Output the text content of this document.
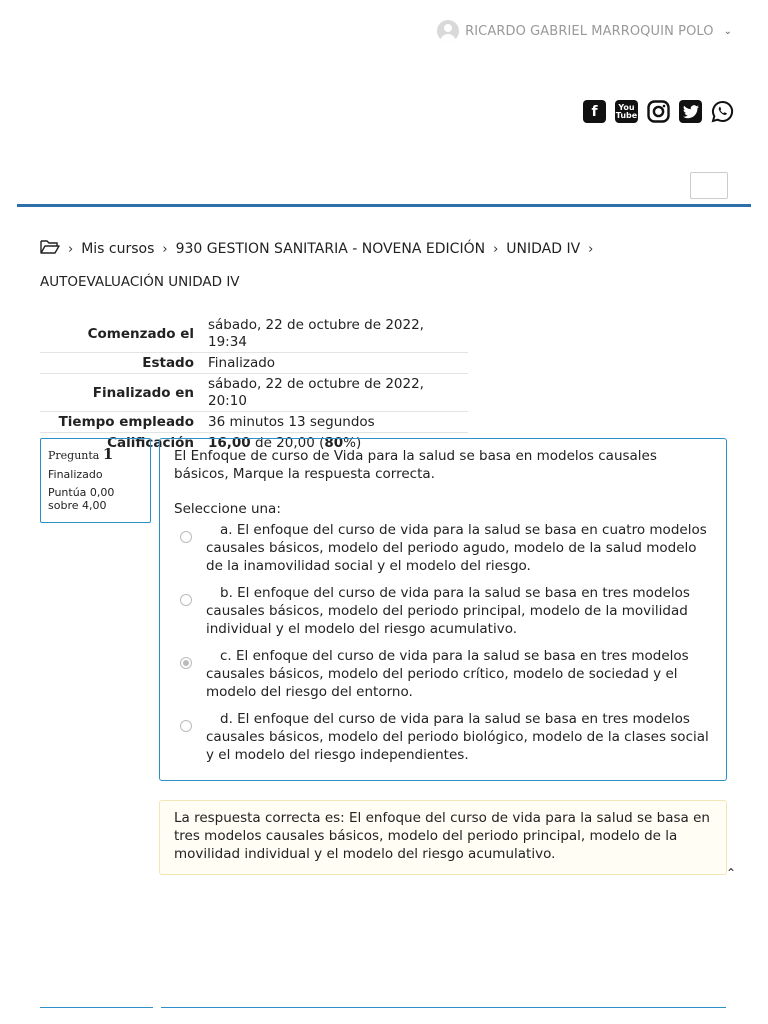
RICARDO GABRIEL MARROQUIN POLO ⌄
f	You
Tube
› Mis cursos › 930 GESTION SANITARIA - NOVENA EDICIÓN › UNIDAD IV ›
AUTOEVALUACIÓN UNIDAD IV
Comenzado el	sábado, 22 de octubre de 2022, 19:34
Estado	Finalizado
Finalizado en	sábado, 22 de octubre de 2022, 20:10
Tiempo empleado	36 minutos 13 segundos
Calificación	16,00 de 20,00 (80%)
Pregunta 1
Finalizado
Puntúa 0,00 sobre 4,00
El Enfoque de curso de Vida para la salud se basa en modelos causales básicos, Marque la respuesta correcta.
Seleccione una:
a. El enfoque del curso de vida para la salud se basa en cuatro modelos causales básicos, modelo del periodo agudo, modelo de la salud modelo de la inamovilidad social y el modelo del riesgo.
b. El enfoque del curso de vida para la salud se basa en tres modelos causales básicos, modelo del periodo principal, modelo de la movilidad individual y el modelo del riesgo acumulativo.
c. El enfoque del curso de vida para la salud se basa en tres modelos causales básicos, modelo del periodo crítico, modelo de sociedad y el modelo del riesgo del entorno.
d. El enfoque del curso de vida para la salud se basa en tres modelos causales básicos, modelo del periodo biológico, modelo de la clases social y el modelo del riesgo independientes.
La respuesta correcta es: El enfoque del curso de vida para la salud se basa en tres modelos causales básicos, modelo del periodo principal, modelo de la movilidad individual y el modelo del riesgo acumulativo.
⌃
